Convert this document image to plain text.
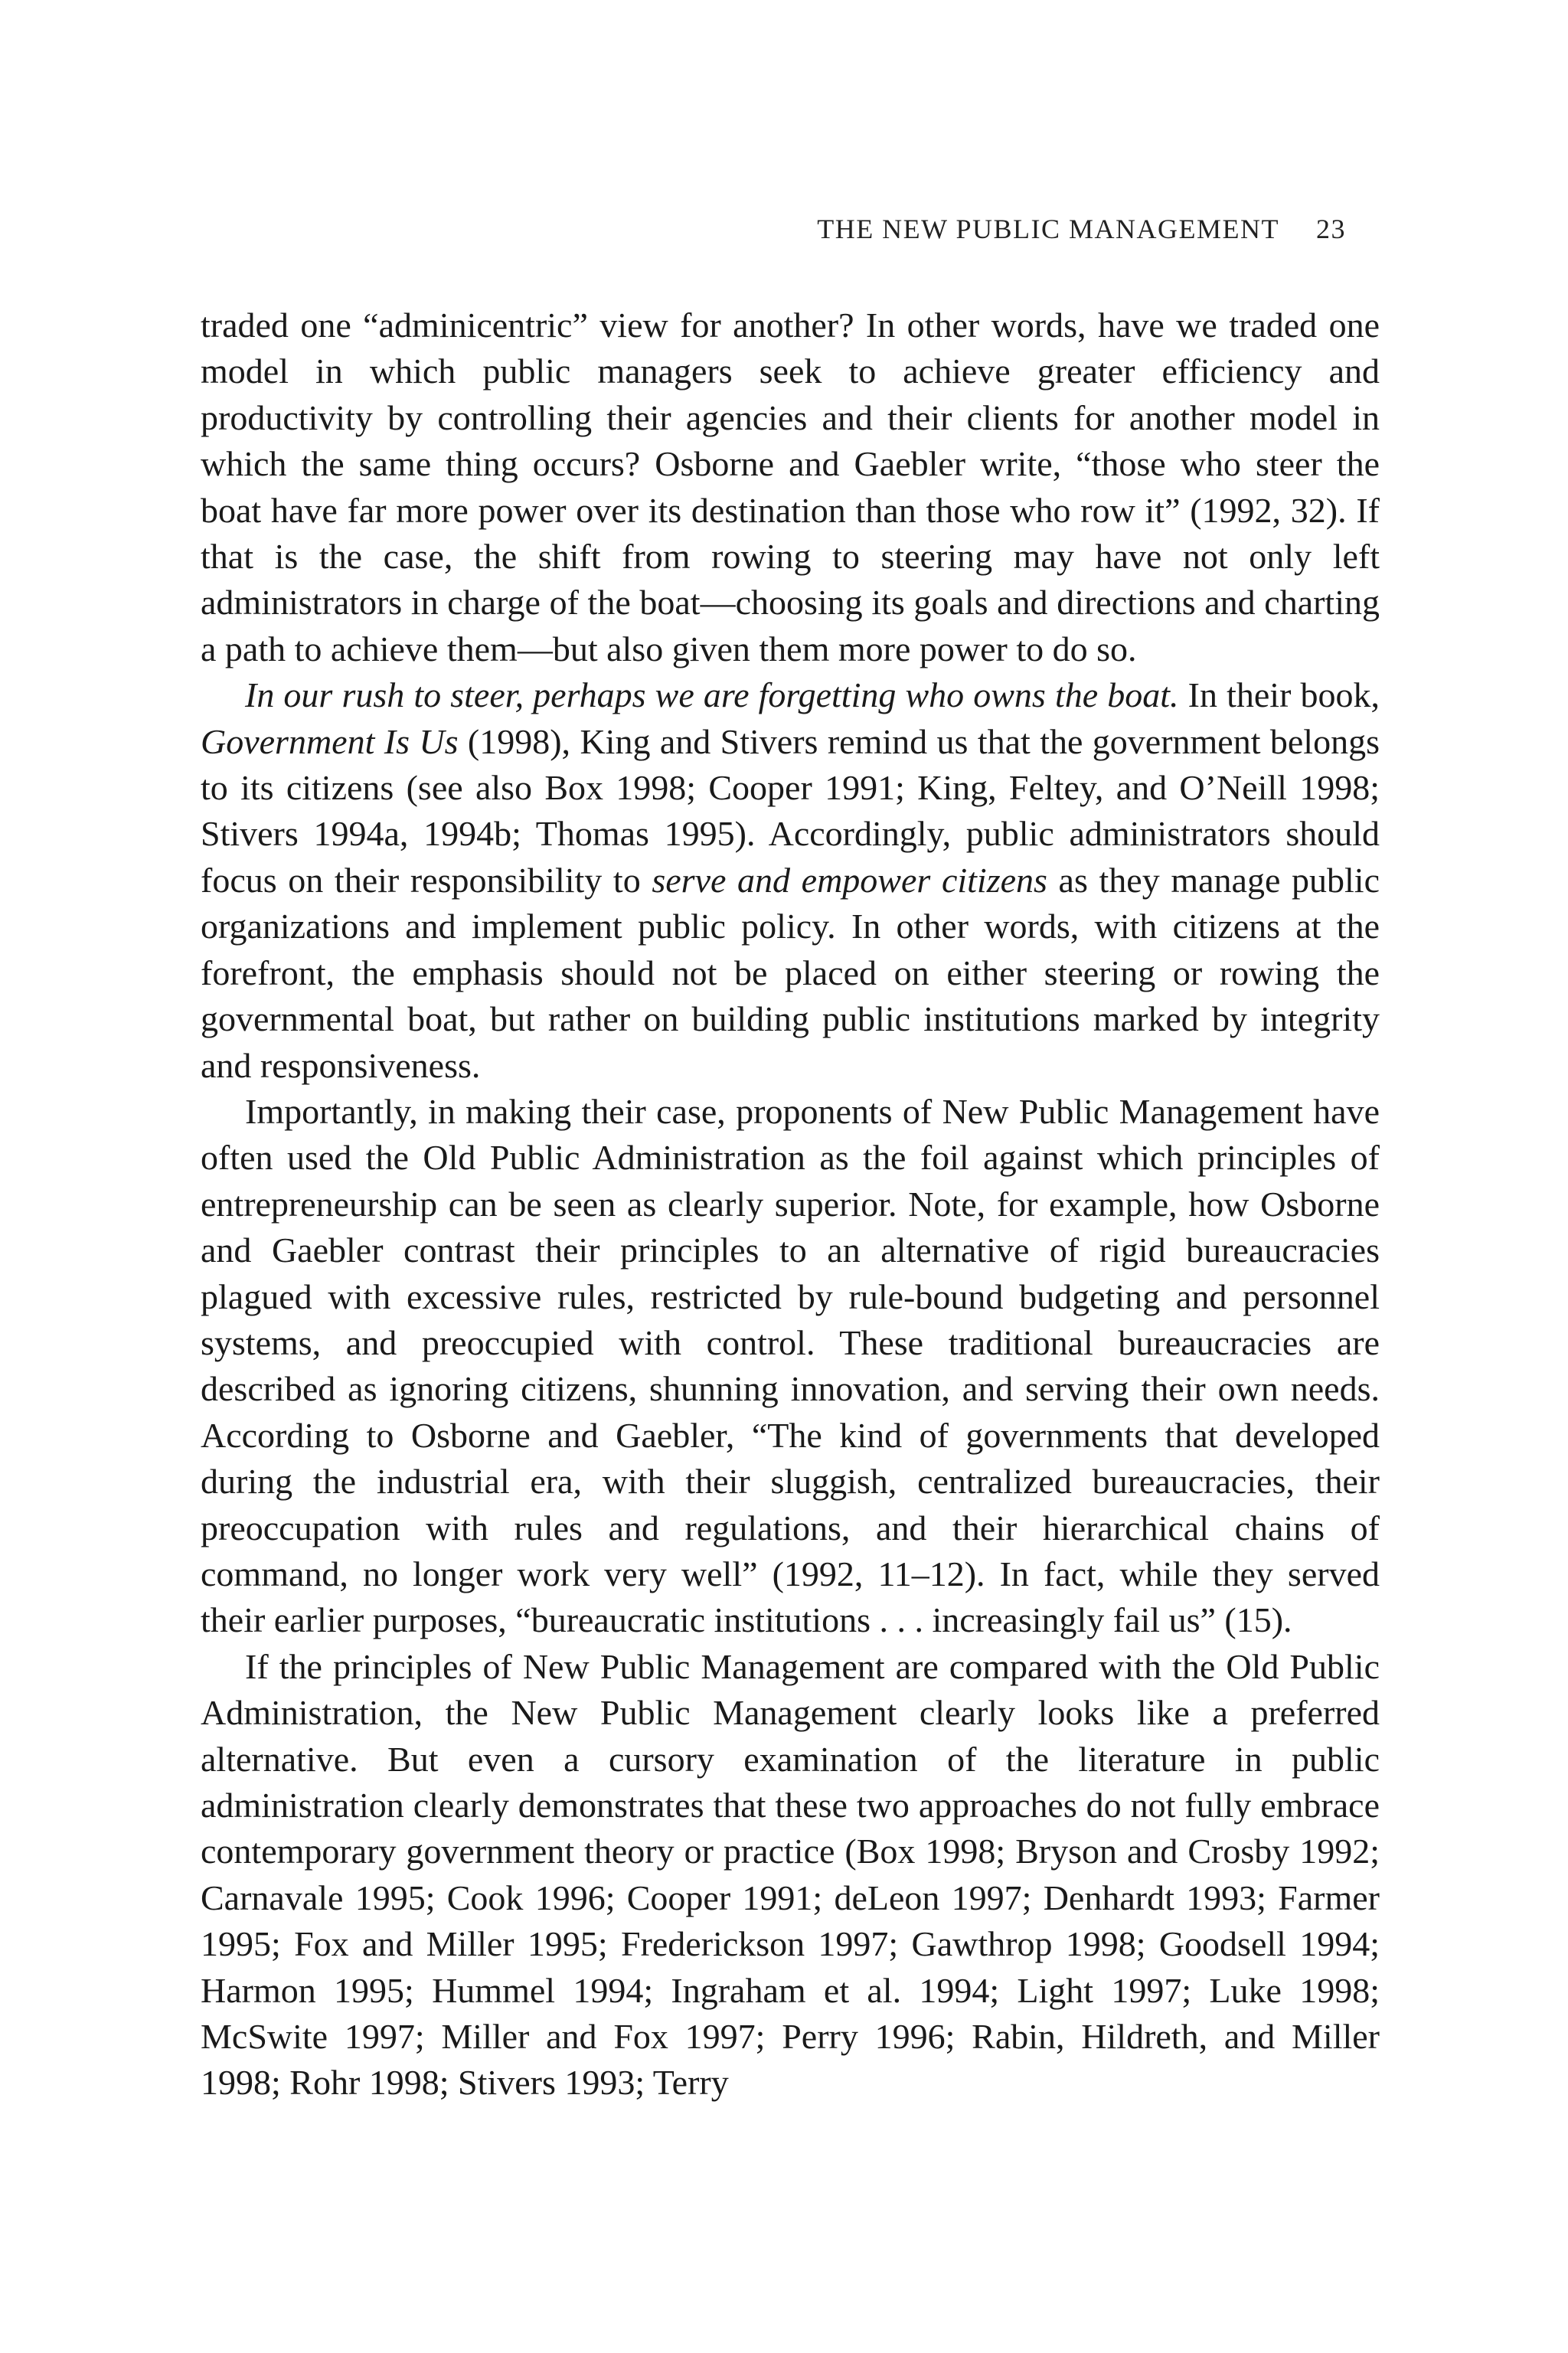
THE NEW PUBLIC MANAGEMENT 23

traded one “adminicentric” view for another? In other words, have we traded one model in which public managers seek to achieve greater efficiency and productivity by controlling their agencies and their clients for another model in which the same thing occurs? Osborne and Gaebler write, “those who steer the boat have far more power over its destination than those who row it” (1992, 32). If that is the case, the shift from rowing to steering may have not only left administrators in charge of the boat—choosing its goals and directions and charting a path to achieve them—but also given them more power to do so.

In our rush to steer, perhaps we are forgetting who owns the boat. In their book, Government Is Us (1998), King and Stivers remind us that the government belongs to its citizens (see also Box 1998; Cooper 1991; King, Feltey, and O’Neill 1998; Stivers 1994a, 1994b; Thomas 1995). Accordingly, public administrators should focus on their responsibility to serve and empower citizens as they manage public organizations and implement public policy. In other words, with citizens at the forefront, the emphasis should not be placed on either steering or rowing the governmental boat, but rather on building public institutions marked by integrity and responsiveness.

Importantly, in making their case, proponents of New Public Management have often used the Old Public Administration as the foil against which principles of entrepreneurship can be seen as clearly superior. Note, for example, how Osborne and Gaebler contrast their principles to an alternative of rigid bureaucracies plagued with excessive rules, restricted by rule-bound budgeting and personnel systems, and preoccupied with control. These traditional bureaucracies are described as ignoring citizens, shunning innovation, and serving their own needs. According to Osborne and Gaebler, “The kind of governments that developed during the industrial era, with their sluggish, centralized bureaucracies, their preoccupation with rules and regulations, and their hierarchical chains of command, no longer work very well” (1992, 11–12). In fact, while they served their earlier purposes, “bureaucratic institutions . . . increasingly fail us” (15).

If the principles of New Public Management are compared with the Old Public Administration, the New Public Management clearly looks like a preferred alternative. But even a cursory examination of the literature in public administration clearly demonstrates that these two approaches do not fully embrace contemporary government theory or practice (Box 1998; Bryson and Crosby 1992; Carnavale 1995; Cook 1996; Cooper 1991; deLeon 1997; Denhardt 1993; Farmer 1995; Fox and Miller 1995; Frederickson 1997; Gawthrop 1998; Goodsell 1994; Harmon 1995; Hummel 1994; Ingraham et al. 1994; Light 1997; Luke 1998; McSwite 1997; Miller and Fox 1997; Perry 1996; Rabin, Hildreth, and Miller 1998; Rohr 1998; Stivers 1993; Terry
